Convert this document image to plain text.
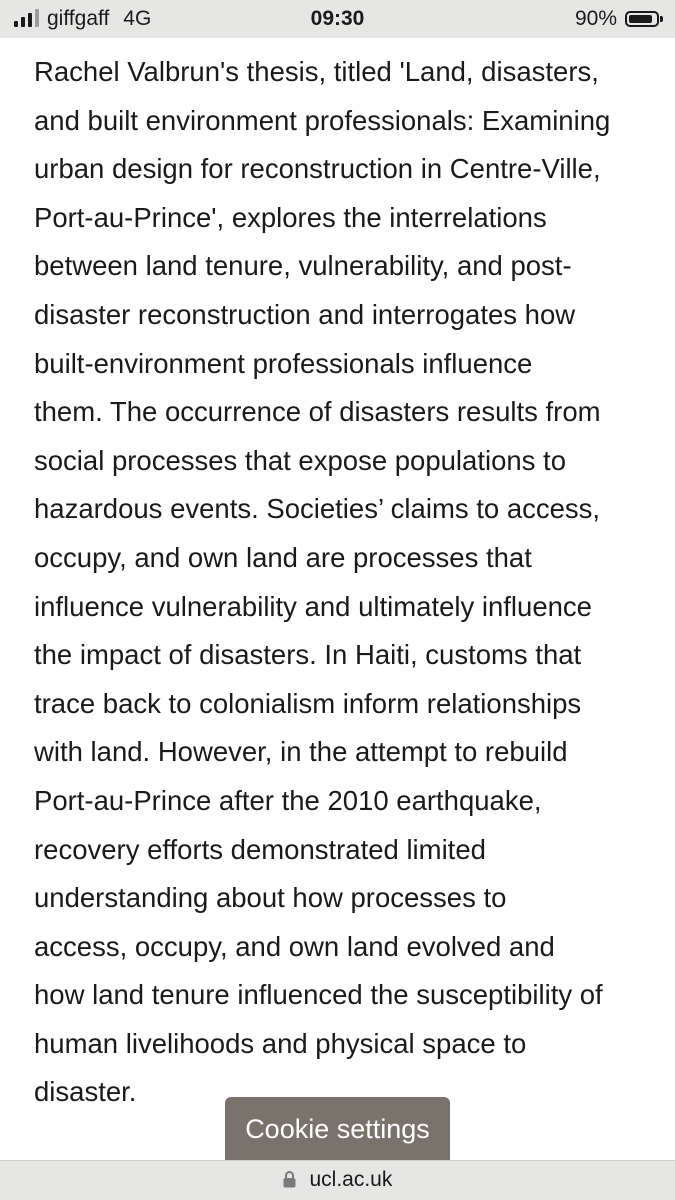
giffgaff 4G	09:30	90%
Rachel Valbrun's thesis, titled 'Land, disasters,
and built environment professionals: Examining
urban design for reconstruction in Centre-Ville,
Port-au-Prince', explores the interrelations
between land tenure, vulnerability, and post-
disaster reconstruction and interrogates how
built-environment professionals influence
them. The occurrence of disasters results from
social processes that expose populations to
hazardous events. Societies’ claims to access,
occupy, and own land are processes that
influence vulnerability and ultimately influence
the impact of disasters. In Haiti, customs that
trace back to colonialism inform relationships
with land. However, in the attempt to rebuild
Port-au-Prince after the 2010 earthquake,
recovery efforts demonstrated limited
understanding about how processes to
access, occupy, and own land evolved and
how land tenure influenced the susceptibility of
human livelihoods and physical space to
disaster.
Cookie settings
ucl.ac.uk
